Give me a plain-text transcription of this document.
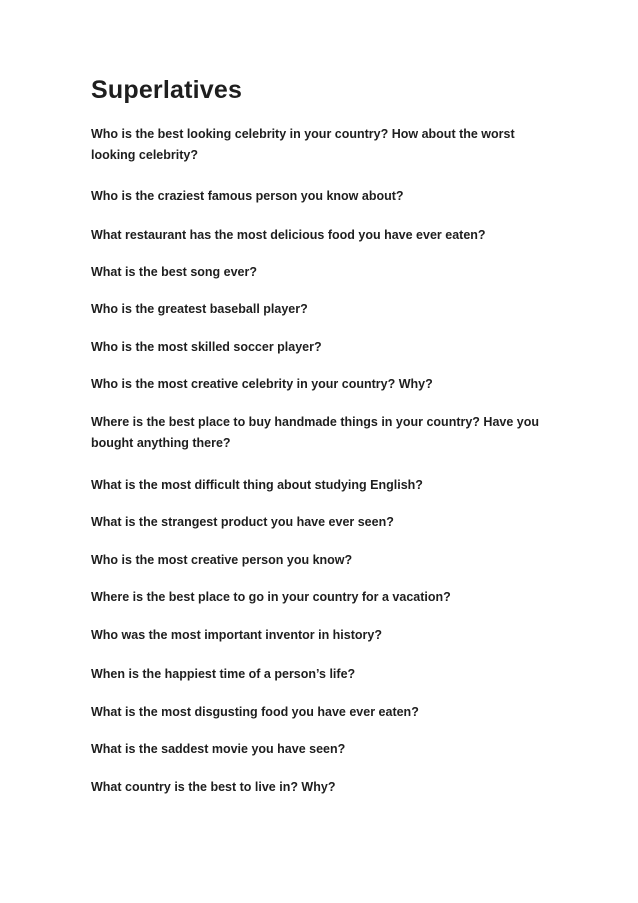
Superlatives

Who is the best looking celebrity in your country? How about the worst looking celebrity?

Who is the craziest famous person you know about?

What restaurant has the most delicious food you have ever eaten?

What is the best song ever?

Who is the greatest baseball player?

Who is the most skilled soccer player?

Who is the most creative celebrity in your country? Why?

Where is the best place to buy handmade things in your country? Have you bought anything there?

What is the most difficult thing about studying English?

What is the strangest product you have ever seen?

Who is the most creative person you know?

Where is the best place to go in your country for a vacation?

Who was the most important inventor in history?

When is the happiest time of a person’s life?

What is the most disgusting food you have ever eaten?

What is the saddest movie you have seen?

What country is the best to live in? Why?
